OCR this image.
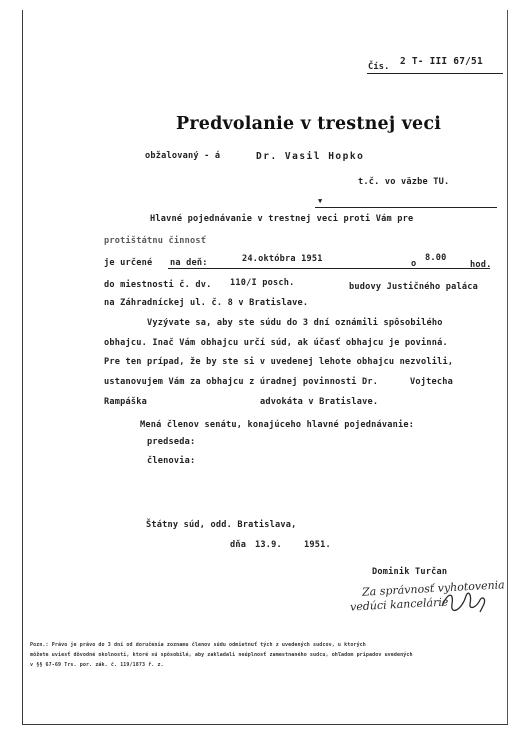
Čís. 2 T- III 67/51
Predvolanie v trestnej veci
obžalovaný - á	Dr. Vasil Hopko
t.č. vo väzbe TU.
▼
Hlavné pojednávanie v trestnej veci proti Vám pre
protištátnu činnosť
je určené na deň:	24.októbra 1951	o
8.00
hod.
do miestnosti č. dv. 110/I posch.	budovy Justičného paláca
na Záhradníckej ul. č. 8 v Bratislave.
Vyzývate sa, aby ste súdu do 3 dní oznámili spôsobilého
obhajcu. Inač Vám obhajcu určí súd, ak účasť obhajcu je povinná.
Pre ten prípad, že by ste si v uvedenej lehote obhajcu nezvolili,
ustanovujem Vám za obhajcu z úradnej povinnosti Dr.	Vojtecha
Rampáška	advokáta v Bratislave.
Mená členov senátu, konajúceho hlavné pojednávanie:
predseda:
členovia:
Štátny súd, odd. Bratislava,
dňa 13.9.	1951.
Dominik Turčan
Za správnosť vyhotovenia
vedúci kancelárie
Pozn.: Právo je právo do 3 dní od doručenia zoznamu členov súdu odmietnuť tých z uvedených sudcov, u ktorých
môžete uviesť dôvodné okolnosti, ktoré sú spôsobilé, aby zakladali neúplnosť zamestnaného sudcu, ohľadom prípadov uvedených
v §§ 67-69 Trs. por. zák. č. 119/1873 ř. z.
